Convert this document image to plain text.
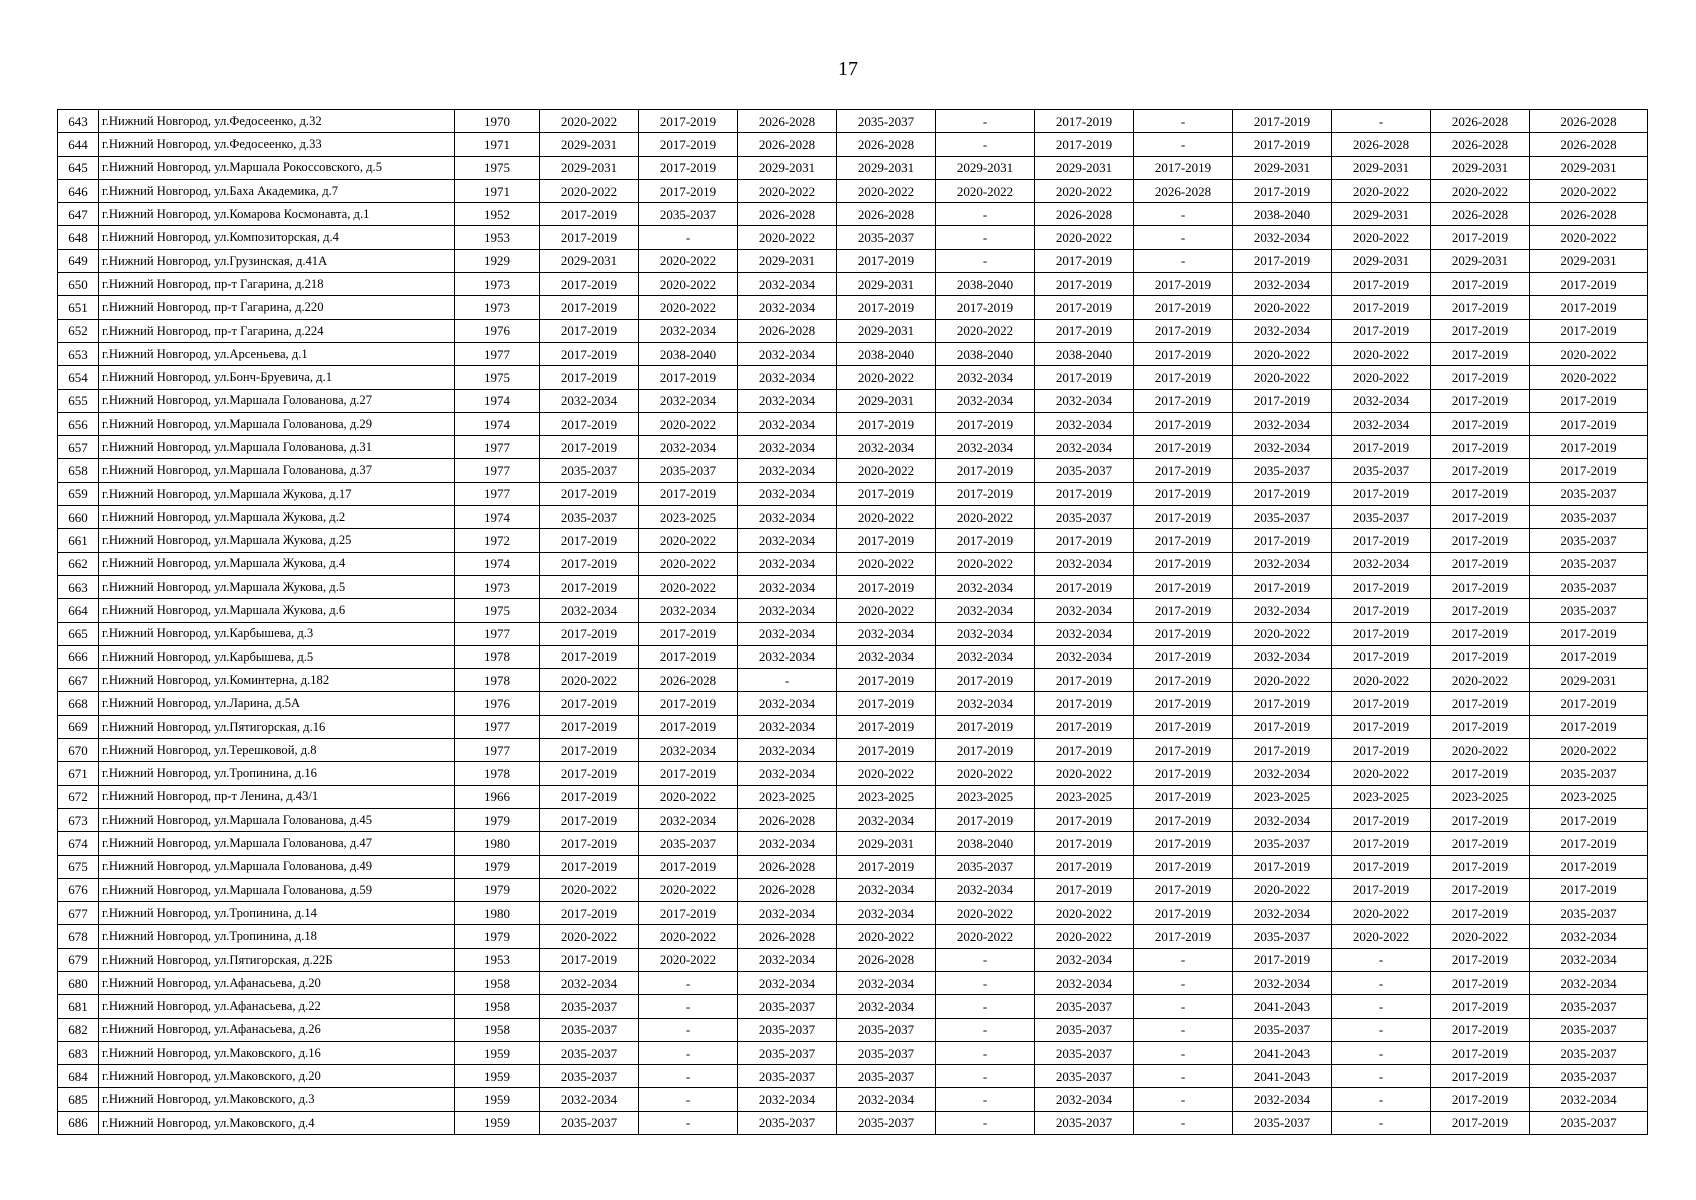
17
643	г.Нижний Новгород, ул.Федосеенко, д.32	1970	2020-2022	2017-2019	2026-2028	2035-2037	-	2017-2019	-	2017-2019	-	2026-2028	2026-2028
644	г.Нижний Новгород, ул.Федосеенко, д.33	1971	2029-2031	2017-2019	2026-2028	2026-2028	-	2017-2019	-	2017-2019	2026-2028	2026-2028	2026-2028
645	г.Нижний Новгород, ул.Маршала Рокоссовского, д.5	1975	2029-2031	2017-2019	2029-2031	2029-2031	2029-2031	2029-2031	2017-2019	2029-2031	2029-2031	2029-2031	2029-2031
646	г.Нижний Новгород, ул.Баха Академика, д.7	1971	2020-2022	2017-2019	2020-2022	2020-2022	2020-2022	2020-2022	2026-2028	2017-2019	2020-2022	2020-2022	2020-2022
647	г.Нижний Новгород, ул.Комарова Космонавта, д.1	1952	2017-2019	2035-2037	2026-2028	2026-2028	-	2026-2028	-	2038-2040	2029-2031	2026-2028	2026-2028
648	г.Нижний Новгород, ул.Композиторская, д.4	1953	2017-2019	-	2020-2022	2035-2037	-	2020-2022	-	2032-2034	2020-2022	2017-2019	2020-2022
649	г.Нижний Новгород, ул.Грузинская, д.41А	1929	2029-2031	2020-2022	2029-2031	2017-2019	-	2017-2019	-	2017-2019	2029-2031	2029-2031	2029-2031
650	г.Нижний Новгород, пр-т Гагарина, д.218	1973	2017-2019	2020-2022	2032-2034	2029-2031	2038-2040	2017-2019	2017-2019	2032-2034	2017-2019	2017-2019	2017-2019
651	г.Нижний Новгород, пр-т Гагарина, д.220	1973	2017-2019	2020-2022	2032-2034	2017-2019	2017-2019	2017-2019	2017-2019	2020-2022	2017-2019	2017-2019	2017-2019
652	г.Нижний Новгород, пр-т Гагарина, д.224	1976	2017-2019	2032-2034	2026-2028	2029-2031	2020-2022	2017-2019	2017-2019	2032-2034	2017-2019	2017-2019	2017-2019
653	г.Нижний Новгород, ул.Арсеньева, д.1	1977	2017-2019	2038-2040	2032-2034	2038-2040	2038-2040	2038-2040	2017-2019	2020-2022	2020-2022	2017-2019	2020-2022
654	г.Нижний Новгород, ул.Бонч-Бруевича, д.1	1975	2017-2019	2017-2019	2032-2034	2020-2022	2032-2034	2017-2019	2017-2019	2020-2022	2020-2022	2017-2019	2020-2022
655	г.Нижний Новгород, ул.Маршала Голованова, д.27	1974	2032-2034	2032-2034	2032-2034	2029-2031	2032-2034	2032-2034	2017-2019	2017-2019	2032-2034	2017-2019	2017-2019
656	г.Нижний Новгород, ул.Маршала Голованова, д.29	1974	2017-2019	2020-2022	2032-2034	2017-2019	2017-2019	2032-2034	2017-2019	2032-2034	2032-2034	2017-2019	2017-2019
657	г.Нижний Новгород, ул.Маршала Голованова, д.31	1977	2017-2019	2032-2034	2032-2034	2032-2034	2032-2034	2032-2034	2017-2019	2032-2034	2017-2019	2017-2019	2017-2019
658	г.Нижний Новгород, ул.Маршала Голованова, д.37	1977	2035-2037	2035-2037	2032-2034	2020-2022	2017-2019	2035-2037	2017-2019	2035-2037	2035-2037	2017-2019	2017-2019
659	г.Нижний Новгород, ул.Маршала Жукова, д.17	1977	2017-2019	2017-2019	2032-2034	2017-2019	2017-2019	2017-2019	2017-2019	2017-2019	2017-2019	2017-2019	2035-2037
660	г.Нижний Новгород, ул.Маршала Жукова, д.2	1974	2035-2037	2023-2025	2032-2034	2020-2022	2020-2022	2035-2037	2017-2019	2035-2037	2035-2037	2017-2019	2035-2037
661	г.Нижний Новгород, ул.Маршала Жукова, д.25	1972	2017-2019	2020-2022	2032-2034	2017-2019	2017-2019	2017-2019	2017-2019	2017-2019	2017-2019	2017-2019	2035-2037
662	г.Нижний Новгород, ул.Маршала Жукова, д.4	1974	2017-2019	2020-2022	2032-2034	2020-2022	2020-2022	2032-2034	2017-2019	2032-2034	2032-2034	2017-2019	2035-2037
663	г.Нижний Новгород, ул.Маршала Жукова, д.5	1973	2017-2019	2020-2022	2032-2034	2017-2019	2032-2034	2017-2019	2017-2019	2017-2019	2017-2019	2017-2019	2035-2037
664	г.Нижний Новгород, ул.Маршала Жукова, д.6	1975	2032-2034	2032-2034	2032-2034	2020-2022	2032-2034	2032-2034	2017-2019	2032-2034	2017-2019	2017-2019	2035-2037
665	г.Нижний Новгород, ул.Карбышева, д.3	1977	2017-2019	2017-2019	2032-2034	2032-2034	2032-2034	2032-2034	2017-2019	2020-2022	2017-2019	2017-2019	2017-2019
666	г.Нижний Новгород, ул.Карбышева, д.5	1978	2017-2019	2017-2019	2032-2034	2032-2034	2032-2034	2032-2034	2017-2019	2032-2034	2017-2019	2017-2019	2017-2019
667	г.Нижний Новгород, ул.Коминтерна, д.182	1978	2020-2022	2026-2028	-	2017-2019	2017-2019	2017-2019	2017-2019	2020-2022	2020-2022	2020-2022	2029-2031
668	г.Нижний Новгород, ул.Ларина, д.5А	1976	2017-2019	2017-2019	2032-2034	2017-2019	2032-2034	2017-2019	2017-2019	2017-2019	2017-2019	2017-2019	2017-2019
669	г.Нижний Новгород, ул.Пятигорская, д.16	1977	2017-2019	2017-2019	2032-2034	2017-2019	2017-2019	2017-2019	2017-2019	2017-2019	2017-2019	2017-2019	2017-2019
670	г.Нижний Новгород, ул.Терешковой, д.8	1977	2017-2019	2032-2034	2032-2034	2017-2019	2017-2019	2017-2019	2017-2019	2017-2019	2017-2019	2020-2022	2020-2022
671	г.Нижний Новгород, ул.Тропинина, д.16	1978	2017-2019	2017-2019	2032-2034	2020-2022	2020-2022	2020-2022	2017-2019	2032-2034	2020-2022	2017-2019	2035-2037
672	г.Нижний Новгород, пр-т Ленина, д.43/1	1966	2017-2019	2020-2022	2023-2025	2023-2025	2023-2025	2023-2025	2017-2019	2023-2025	2023-2025	2023-2025	2023-2025
673	г.Нижний Новгород, ул.Маршала Голованова, д.45	1979	2017-2019	2032-2034	2026-2028	2032-2034	2017-2019	2017-2019	2017-2019	2032-2034	2017-2019	2017-2019	2017-2019
674	г.Нижний Новгород, ул.Маршала Голованова, д.47	1980	2017-2019	2035-2037	2032-2034	2029-2031	2038-2040	2017-2019	2017-2019	2035-2037	2017-2019	2017-2019	2017-2019
675	г.Нижний Новгород, ул.Маршала Голованова, д.49	1979	2017-2019	2017-2019	2026-2028	2017-2019	2035-2037	2017-2019	2017-2019	2017-2019	2017-2019	2017-2019	2017-2019
676	г.Нижний Новгород, ул.Маршала Голованова, д.59	1979	2020-2022	2020-2022	2026-2028	2032-2034	2032-2034	2017-2019	2017-2019	2020-2022	2017-2019	2017-2019	2017-2019
677	г.Нижний Новгород, ул.Тропинина, д.14	1980	2017-2019	2017-2019	2032-2034	2032-2034	2020-2022	2020-2022	2017-2019	2032-2034	2020-2022	2017-2019	2035-2037
678	г.Нижний Новгород, ул.Тропинина, д.18	1979	2020-2022	2020-2022	2026-2028	2020-2022	2020-2022	2020-2022	2017-2019	2035-2037	2020-2022	2020-2022	2032-2034
679	г.Нижний Новгород, ул.Пятигорская, д.22Б	1953	2017-2019	2020-2022	2032-2034	2026-2028	-	2032-2034	-	2017-2019	-	2017-2019	2032-2034
680	г.Нижний Новгород, ул.Афанасьева, д.20	1958	2032-2034	-	2032-2034	2032-2034	-	2032-2034	-	2032-2034	-	2017-2019	2032-2034
681	г.Нижний Новгород, ул.Афанасьева, д.22	1958	2035-2037	-	2035-2037	2032-2034	-	2035-2037	-	2041-2043	-	2017-2019	2035-2037
682	г.Нижний Новгород, ул.Афанасьева, д.26	1958	2035-2037	-	2035-2037	2035-2037	-	2035-2037	-	2035-2037	-	2017-2019	2035-2037
683	г.Нижний Новгород, ул.Маковского, д.16	1959	2035-2037	-	2035-2037	2035-2037	-	2035-2037	-	2041-2043	-	2017-2019	2035-2037
684	г.Нижний Новгород, ул.Маковского, д.20	1959	2035-2037	-	2035-2037	2035-2037	-	2035-2037	-	2041-2043	-	2017-2019	2035-2037
685	г.Нижний Новгород, ул.Маковского, д.3	1959	2032-2034	-	2032-2034	2032-2034	-	2032-2034	-	2032-2034	-	2017-2019	2032-2034
686	г.Нижний Новгород, ул.Маковского, д.4	1959	2035-2037	-	2035-2037	2035-2037	-	2035-2037	-	2035-2037	-	2017-2019	2035-2037
